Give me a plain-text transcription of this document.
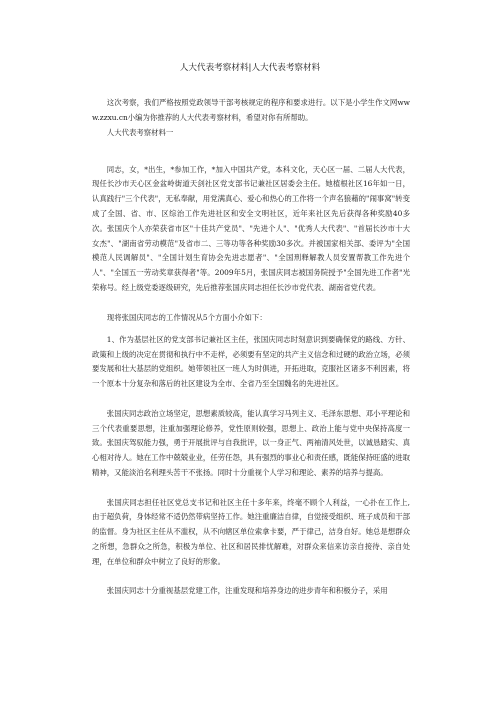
人大代表考察材料|人大代表考察材料

这次考察，我们严格按照党政领导干部考核规定的程序和要求进行。以下是小学生作文网www.zzxu.cn小编为你推荐的人大代表考察材料，希望对你有所帮助。

人大代表考察材料一

同志，女，*出生，*参加工作，*加入中国共产党，本科文化，天心区一届、二届人大代表，现任长沙市天心区金盆岭街道天剑社区党支部书记兼社区居委会主任。她植根社区16年如一日，认真践行"三个代表"，无私奉献，用党满真心、爱心和热心的工作将一个声名狼藉的"闹事窝"转变成了全国、省、市、区综治工作先进社区和安全文明社区，近年来社区先后获得各种奖励40多次。张国庆个人亦荣获省市区"十佳共产党员"、"先进个人"、"优秀人大代表"、"首届长沙市十大女杰"、"湖南省劳动模范"及省市二、三等功等各种奖励30多次。并被国家相关部、委评为"全国模范人民调解员"、"全国计划生育协会先进志愿者"、"全国刑释解教人员安置帮教工作先进个人"、"全国五一劳动奖章获得者"等。2009年5月，张国庆同志被国务院授予"全国先进工作者"光荣称号。经上级党委逐级研究，先后推荐张国庆同志担任长沙市党代表、湖南省党代表。

现将张国庆同志的工作情况从5个方面小介如下：

1、作为基层社区的党支部书记兼社区主任，张国庆同志时刻意识到要确保党的路线、方针、政策和上级的决定在贯彻和执行中不走样，必须要有坚定的共产主义信念和过硬的政治立场，必须要发展和壮大基层的党组织。她带领社区一班人为时俱进，开拓进取，克服社区诸多不利因素，将一个原本十分复杂和落后的社区建设为全市、全省乃至全国魏名的先进社区。

张国庆同志政治立场坚定，思想素质较高，能认真学习马列主义、毛泽东思想、邓小平理论和三个代表重要思想，注重加强理论修养，党性原则较强，思想上、政治上能与党中央保持高度一致。张国庆驾驭能力强，勇于开展批评与自我批评，以一身正气、两袖清风处世，以诚恳踏实、真心相对待人。她在工作中兢兢业业，任劳任怨，具有强烈的事业心和责任感，既能保持旺盛的进取精神，又能淡泊名利理头苦干不张扬。同时十分重视个人学习和理论、素养的培养与提高。

张国庆同志担任社区党总支书记和社区主任十多年来，终毫不顾个人利益，一心扑在工作上,由于超负荷，身体经常不适仍然带病坚持工作。她注重廉洁自律，自觉接受组织、班子成员和干部的监督。身为社区主任从不滥权，从不向辖区单位索拿卡要，严于律己，洁身自好。她总是想群众之所想，急群众之所急，积极为单位、社区和居民排忧解难，对群众来信来访亲自接待、亲自处理，在单位和群众中树立了良好的形象。

张国庆同志十分重视基层党建工作，注重发现和培养身边的进步青年和积极分子，采用
